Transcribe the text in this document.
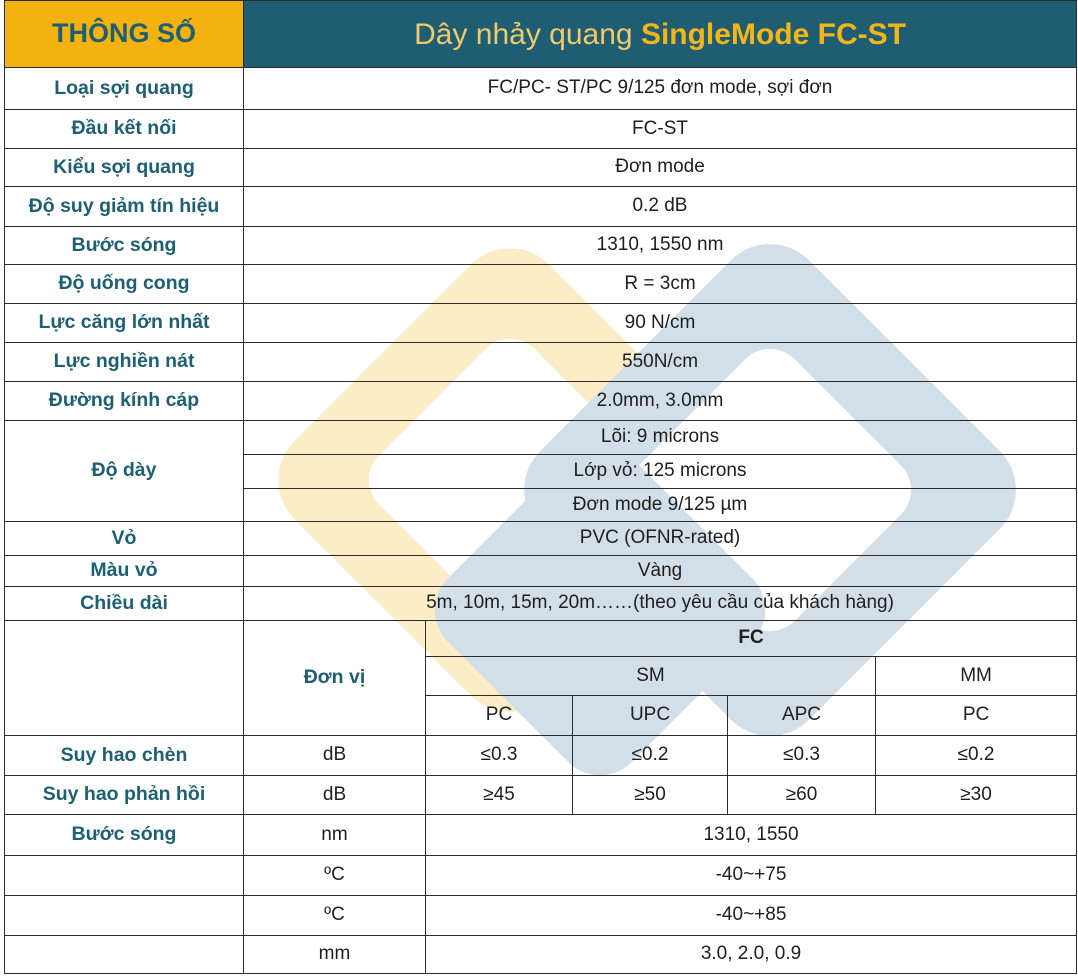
THÔNG SỐ	Dây nhảy quang SingleMode FC-ST				
Loại sợi quang	FC/PC- ST/PC 9/125 đơn mode, sợi đơn				
Đầu kết nối	FC-ST				
Kiểu sợi quang	Đơn mode				
Độ suy giảm tín hiệu	0.2 dB				
Bước sóng	1310, 1550 nm				
Độ uống cong	R = 3cm				
Lực căng lớn nhất	90 N/cm				
Lực nghiền nát	550N/cm				
Đường kính cáp	2.0mm, 3.0mm				
Độ dày	Lõi: 9 microns				
	Lớp vỏ: 125 microns				
	Đơn mode 9/125 µm				
Vỏ	PVC (OFNR-rated)				
Màu vỏ	Vàng				
Chiều dài	5m, 10m, 15m, 20m……(theo yêu cầu của khách hàng)				
	Đơn vị	FC			
		SM			MM
		PC	UPC	APC	PC
Suy hao chèn	dB	≤0.3	≤0.2	≤0.3	≤0.2
Suy hao phản hồi	dB	≥45	≥50	≥60	≥30
Bước sóng	nm	1310, 1550			
	ºC	-40~+75			
	ºC	-40~+85			
	mm	3.0, 2.0, 0.9			
